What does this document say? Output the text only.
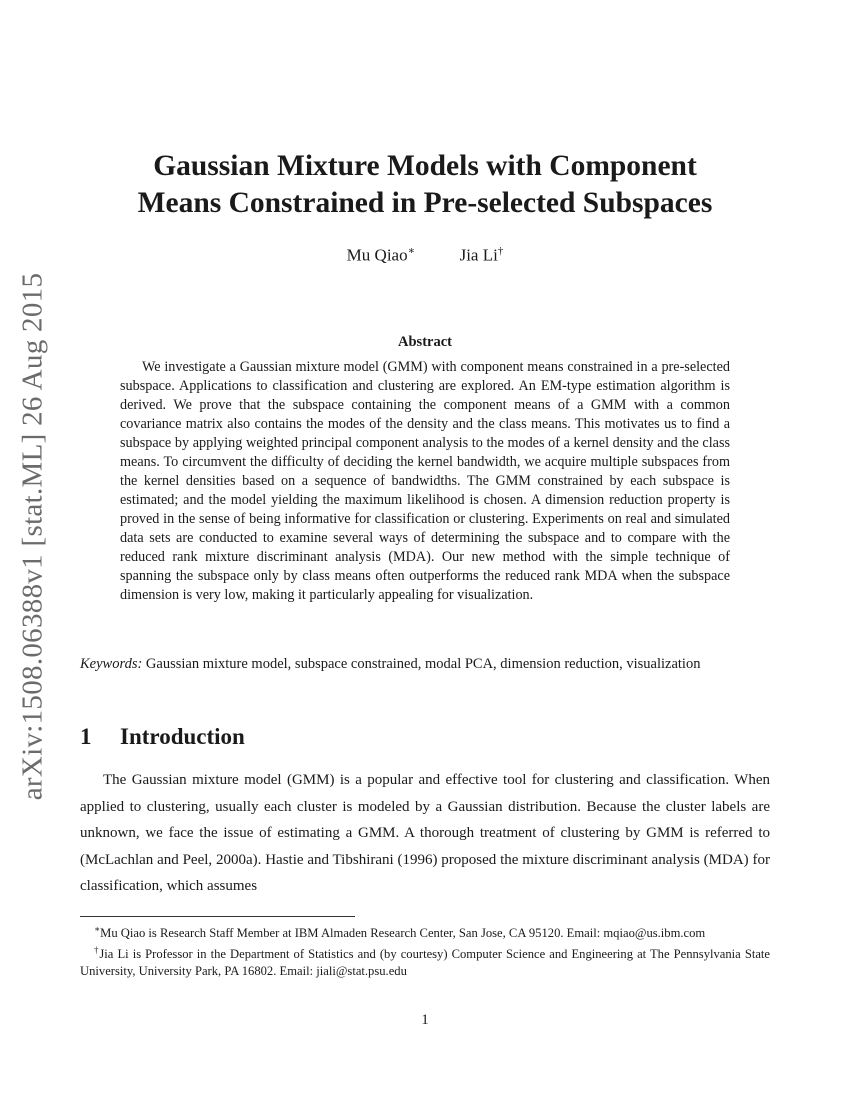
arXiv:1508.06388v1 [stat.ML] 26 Aug 2015
Gaussian Mixture Models with Component
Means Constrained in Pre-selected Subspaces
Mu Qiao∗	Jia Li†
Abstract

We investigate a Gaussian mixture model (GMM) with component means constrained in a pre-selected subspace. Applications to classification and clustering are explored. An EM-type estimation algorithm is derived. We prove that the subspace containing the component means of a GMM with a common covariance matrix also contains the modes of the density and the class means. This motivates us to find a subspace by applying weighted principal component analysis to the modes of a kernel density and the class means. To circumvent the difficulty of deciding the kernel bandwidth, we acquire multiple subspaces from the kernel densities based on a sequence of bandwidths. The GMM constrained by each subspace is estimated; and the model yielding the maximum likelihood is chosen. A dimension reduction property is proved in the sense of being informative for classification or clustering. Experiments on real and simulated data sets are conducted to examine several ways of determining the subspace and to compare with the reduced rank mixture discriminant analysis (MDA). Our new method with the simple technique of spanning the subspace only by class means often outperforms the reduced rank MDA when the subspace dimension is very low, making it particularly appealing for visualization.

Keywords: Gaussian mixture model, subspace constrained, modal PCA, dimension reduction, visualization

1 Introduction

The Gaussian mixture model (GMM) is a popular and effective tool for clustering and classification. When applied to clustering, usually each cluster is modeled by a Gaussian distribution. Because the cluster labels are unknown, we face the issue of estimating a GMM. A thorough treatment of clustering by GMM is referred to (McLachlan and Peel, 2000a). Hastie and Tibshirani (1996) proposed the mixture discriminant analysis (MDA) for classification, which assumes

∗Mu Qiao is Research Staff Member at IBM Almaden Research Center, San Jose, CA 95120. Email: mqiao@us.ibm.com

†Jia Li is Professor in the Department of Statistics and (by courtesy) Computer Science and Engineering at The Pennsylvania State University, University Park, PA 16802. Email: jiali@stat.psu.edu

1
